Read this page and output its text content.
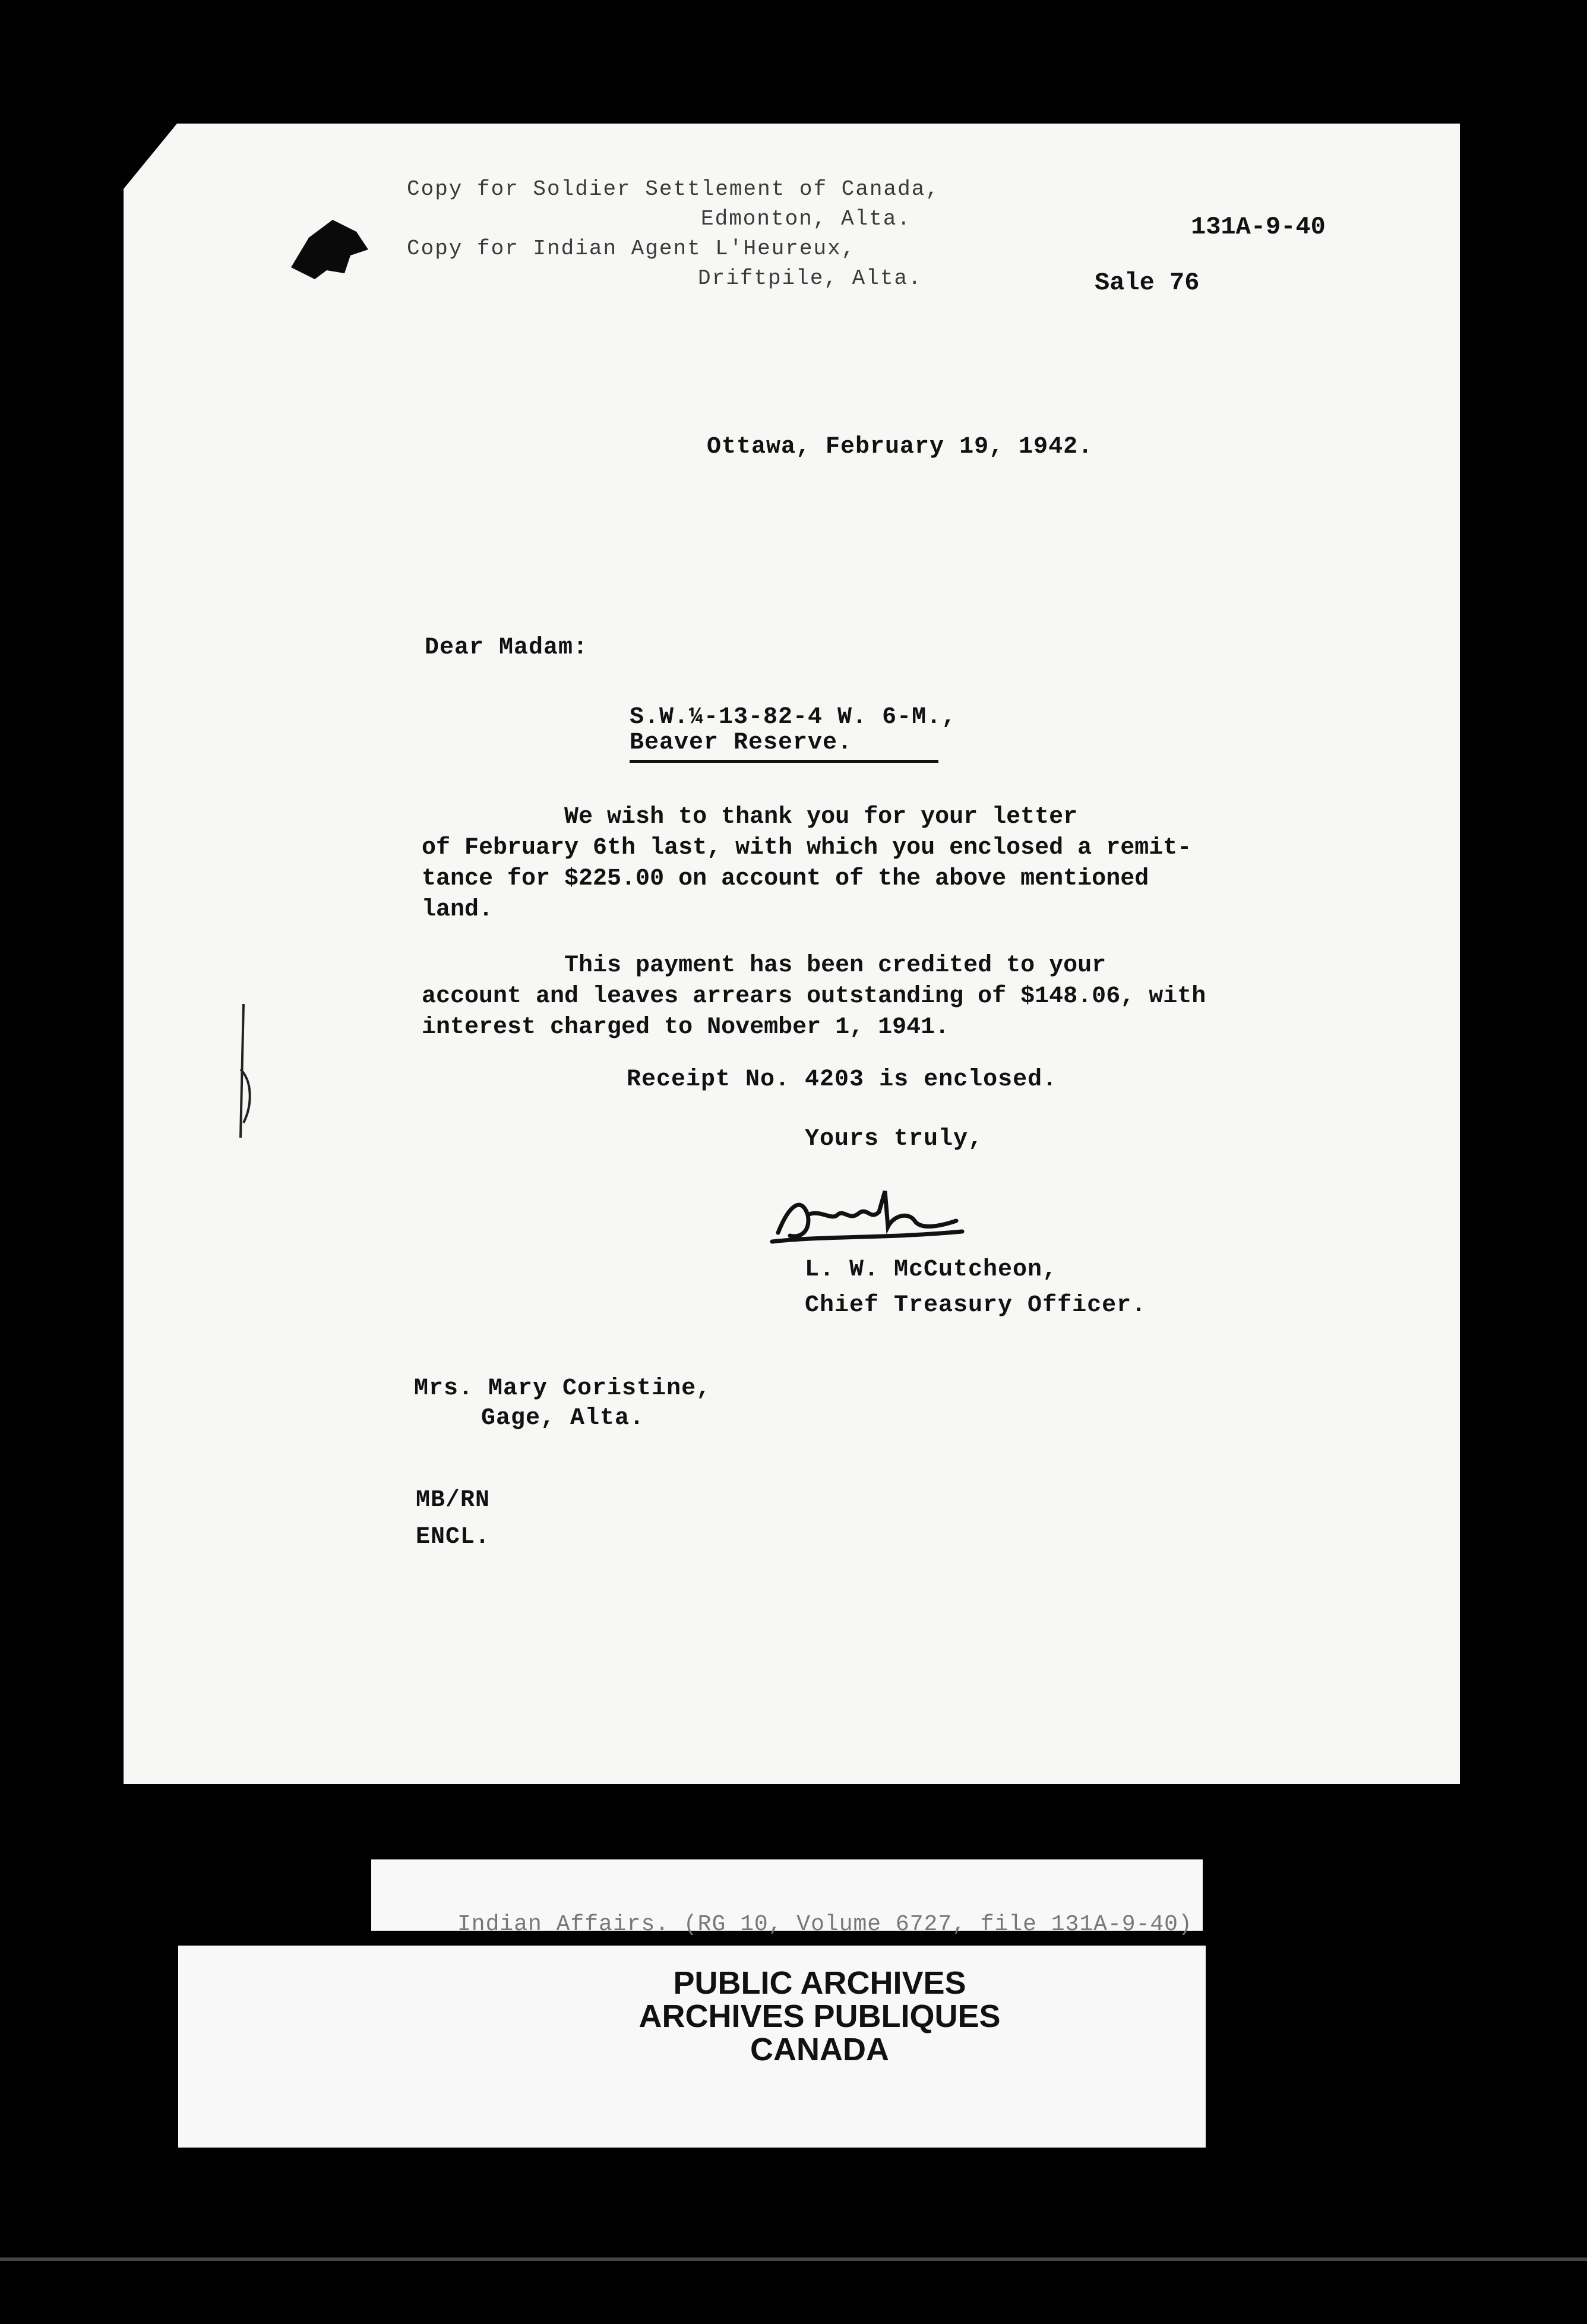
Copy for Soldier Settlement of Canada,
Edmonton, Alta.
Copy for Indian Agent L'Heureux,
Driftpile, Alta.
131A-9-40
Sale 76
Ottawa, February 19, 1942.
Dear Madam:
S.W.¼-13-82-4 W. 6-M.,
Beaver Reserve.
We wish to thank you for your letter
of February 6th last, with which you enclosed a remit-
tance for $225.00 on account of the above mentioned
land.
This payment has been credited to your
account and leaves arrears outstanding of $148.06, with
interest charged to November 1, 1941.
Receipt No. 4203 is enclosed.
Yours truly,
L. W. McCutcheon,
Chief Treasury Officer.
Mrs. Mary Coristine,
Gage, Alta.
MB/RN
ENCL.
Indian Affairs. (RG 10, Volume 6727, file 131A-9-40)
PUBLIC ARCHIVES
ARCHIVES PUBLIQUES
CANADA
